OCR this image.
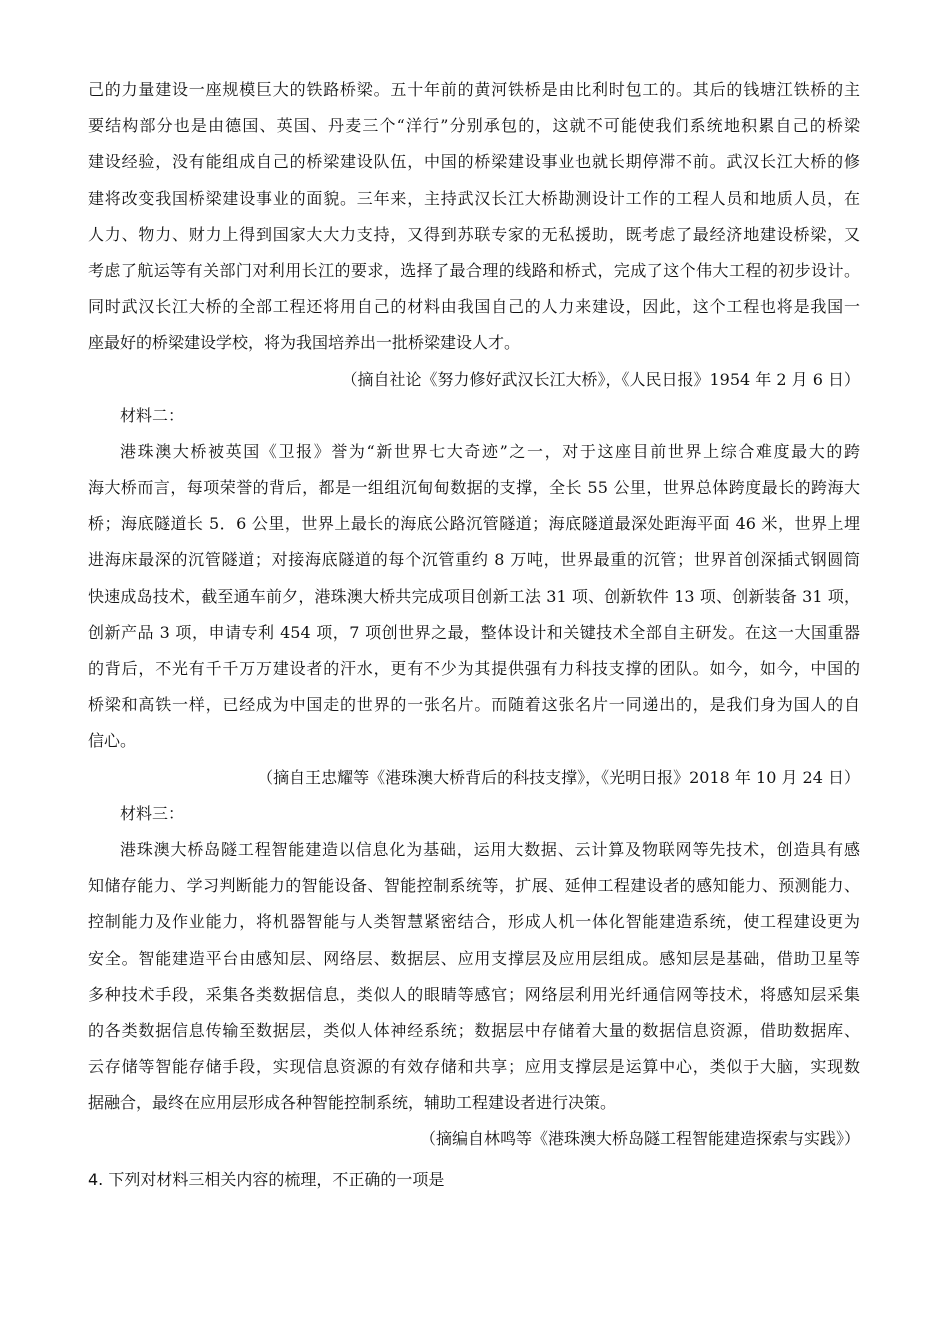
己的力量建设一座规模巨大的铁路桥梁。五十年前的黄河铁桥是由比利时包工的。其后的钱塘江铁桥的主
要结构部分也是由德国、英国、丹麦三个“洋行”分别承包的，这就不可能使我们系统地积累自己的桥梁
建设经验，没有能组成自己的桥梁建设队伍，中国的桥梁建设事业也就长期停滞不前。武汉长江大桥的修
建将改变我国桥梁建设事业的面貌。三年来，主持武汉长江大桥勘测设计工作的工程人员和地质人员，在
人力、物力、财力上得到国家大大力支持，又得到苏联专家的无私援助，既考虑了最经济地建设桥梁，又
考虑了航运等有关部门对利用长江的要求，选择了最合理的线路和桥式，完成了这个伟大工程的初步设计。
同时武汉长江大桥的全部工程还将用自己的材料由我国自己的人力来建设，因此，这个工程也将是我国一
座最好的桥梁建设学校，将为我国培养出一批桥梁建设人才。
（摘自社论《努力修好武汉长江大桥》，《人民日报》1954 年 2 月 6 日）
材料二：
港珠澳大桥被英国《卫报》誉为“新世界七大奇迹”之一，对于这座目前世界上综合难度最大的跨
海大桥而言，每项荣誉的背后，都是一组组沉甸甸数据的支撑，全长 55 公里，世界总体跨度最长的跨海大
桥；海底隧道长 5．6 公里，世界上最长的海底公路沉管隧道；海底隧道最深处距海平面 46 米，世界上埋
进海床最深的沉管隧道；对接海底隧道的每个沉管重约 8 万吨，世界最重的沉管；世界首创深插式钢圆筒
快速成岛技术，截至通车前夕，港珠澳大桥共完成项目创新工法 31 项、创新软件 13 项、创新装备 31 项，
创新产品 3 项，申请专利 454 项，7 项创世界之最，整体设计和关键技术全部自主研发。在这一大国重器
的背后，不光有千千万万建设者的汗水，更有不少为其提供强有力科技支撑的团队。如今，如今，中国的
桥梁和高铁一样，已经成为中国走的世界的一张名片。而随着这张名片一同递出的，是我们身为国人的自
信心。
（摘自王忠耀等《港珠澳大桥背后的科技支撑》，《光明日报》2018 年 10 月 24 日）
材料三：
港珠澳大桥岛隧工程智能建造以信息化为基础，运用大数据、云计算及物联网等先技术，创造具有感
知储存能力、学习判断能力的智能设备、智能控制系统等，扩展、延伸工程建设者的感知能力、预测能力、
控制能力及作业能力，将机器智能与人类智慧紧密结合，形成人机一体化智能建造系统，使工程建设更为
安全。智能建造平台由感知层、网络层、数据层、应用支撑层及应用层组成。感知层是基础，借助卫星等
多种技术手段，采集各类数据信息，类似人的眼睛等感官；网络层利用光纤通信网等技术，将感知层采集
的各类数据信息传输至数据层，类似人体神经系统；数据层中存储着大量的数据信息资源，借助数据库、
云存储等智能存储手段，实现信息资源的有效存储和共享；应用支撑层是运算中心，类似于大脑，实现数
据融合，最终在应用层形成各种智能控制系统，辅助工程建设者进行决策。
（摘编自林鸣等《港珠澳大桥岛隧工程智能建造探索与实践》）
4. 下列对材料三相关内容的梳理，不正确的一项是
